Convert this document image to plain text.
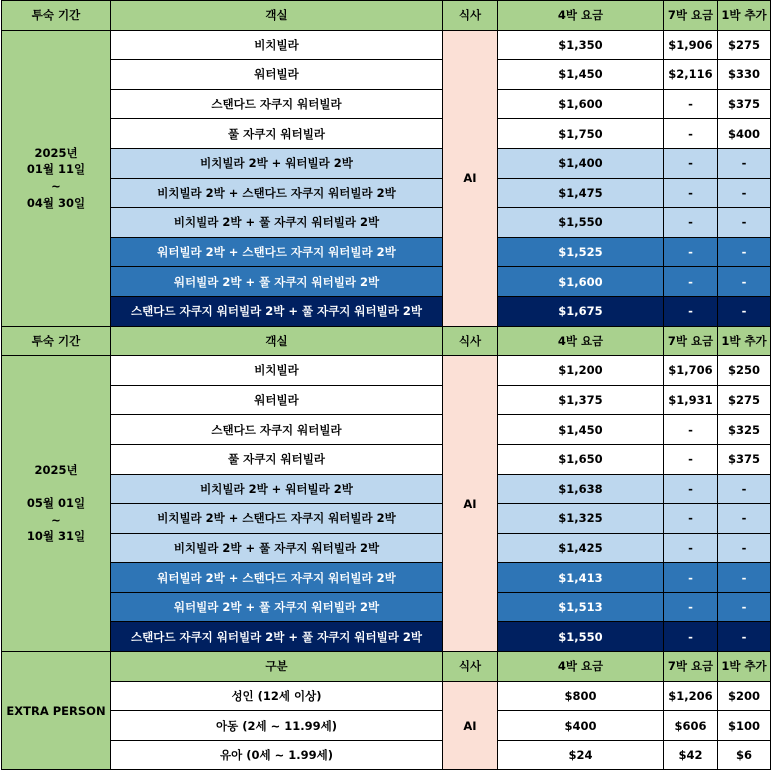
투숙 기간	객실	식사	4박 요금	7박 요금	1박 추가

2025년
01월 11일
~
04월 30일	비치빌라	AI	$1,350	$1,906	$275
	워터빌라		$1,450	$2,116	$330
	스탠다드 자쿠지 워터빌라		$1,600	-	$375
	풀 자쿠지 워터빌라		$1,750	-	$400
	비치빌라 2박 + 워터빌라 2박		$1,400	-	-
	비치빌라 2박 + 스탠다드 자쿠지 워터빌라 2박		$1,475	-	-
	비치빌라 2박 + 풀 자쿠지 워터빌라 2박		$1,550	-	-
	워터빌라 2박 + 스탠다드 자쿠지 워터빌라 2박		$1,525	-	-
	워터빌라 2박 + 풀 자쿠지 워터빌라 2박		$1,600	-	-
	스탠다드 자쿠지 워터빌라 2박 + 풀 자쿠지 워터빌라 2박		$1,675	-	-
투숙 기간	객실	식사	4박 요금	7박 요금	1박 추가

2025년
05월 01일
~
10월 31일	비치빌라	AI	$1,200	$1,706	$250
	워터빌라		$1,375	$1,931	$275
	스탠다드 자쿠지 워터빌라		$1,450	-	$325
	풀 자쿠지 워터빌라		$1,650	-	$375
	비치빌라 2박 + 워터빌라 2박		$1,638	-	-
	비치빌라 2박 + 스탠다드 자쿠지 워터빌라 2박		$1,325	-	-
	비치빌라 2박 + 풀 자쿠지 워터빌라 2박		$1,425	-	-
	워터빌라 2박 + 스탠다드 자쿠지 워터빌라 2박		$1,413	-	-
	워터빌라 2박 + 풀 자쿠지 워터빌라 2박		$1,513	-	-
	스탠다드 자쿠지 워터빌라 2박 + 풀 자쿠지 워터빌라 2박		$1,550	-	-
EXTRA PERSON	구분	식사	4박 요금	7박 요금	1박 추가
	성인 (12세 이상)	AI	$800	$1,206	$200
	아동 (2세 ~ 11.99세)		$400	$606	$100
	유아 (0세 ~ 1.99세)		$24	$42	$6
